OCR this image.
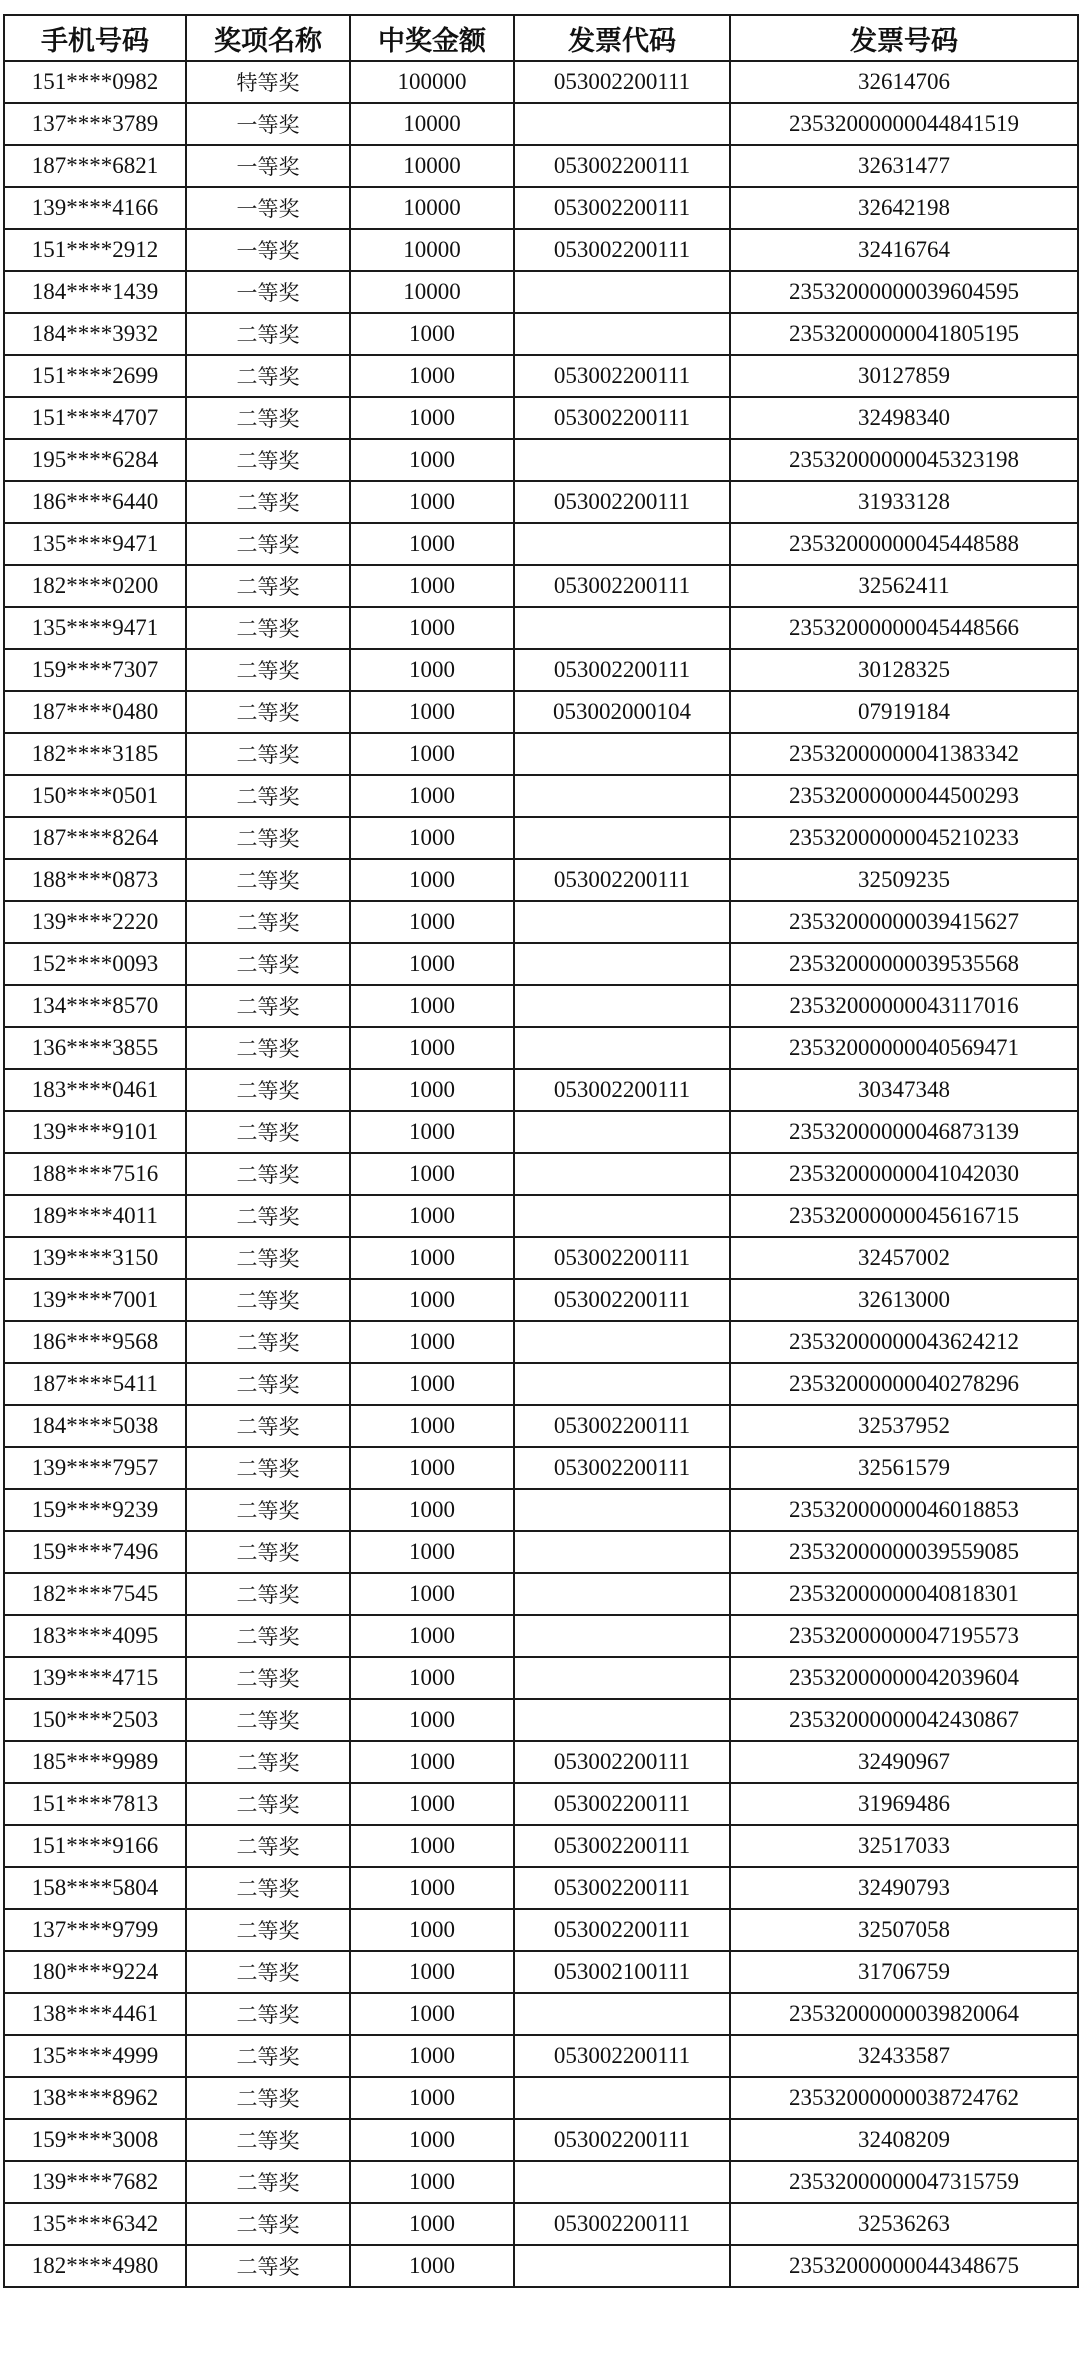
手机号码	奖项名称	中奖金额	发票代码	发票号码
151****0982	特等奖	100000	053002200111	32614706
137****3789	一等奖	10000		23532000000044841519
187****6821	一等奖	10000	053002200111	32631477
139****4166	一等奖	10000	053002200111	32642198
151****2912	一等奖	10000	053002200111	32416764
184****1439	一等奖	10000		23532000000039604595
184****3932	二等奖	1000		23532000000041805195
151****2699	二等奖	1000	053002200111	30127859
151****4707	二等奖	1000	053002200111	32498340
195****6284	二等奖	1000		23532000000045323198
186****6440	二等奖	1000	053002200111	31933128
135****9471	二等奖	1000		23532000000045448588
182****0200	二等奖	1000	053002200111	32562411
135****9471	二等奖	1000		23532000000045448566
159****7307	二等奖	1000	053002200111	30128325
187****0480	二等奖	1000	053002000104	07919184
182****3185	二等奖	1000		23532000000041383342
150****0501	二等奖	1000		23532000000044500293
187****8264	二等奖	1000		23532000000045210233
188****0873	二等奖	1000	053002200111	32509235
139****2220	二等奖	1000		23532000000039415627
152****0093	二等奖	1000		23532000000039535568
134****8570	二等奖	1000		23532000000043117016
136****3855	二等奖	1000		23532000000040569471
183****0461	二等奖	1000	053002200111	30347348
139****9101	二等奖	1000		23532000000046873139
188****7516	二等奖	1000		23532000000041042030
189****4011	二等奖	1000		23532000000045616715
139****3150	二等奖	1000	053002200111	32457002
139****7001	二等奖	1000	053002200111	32613000
186****9568	二等奖	1000		23532000000043624212
187****5411	二等奖	1000		23532000000040278296
184****5038	二等奖	1000	053002200111	32537952
139****7957	二等奖	1000	053002200111	32561579
159****9239	二等奖	1000		23532000000046018853
159****7496	二等奖	1000		23532000000039559085
182****7545	二等奖	1000		23532000000040818301
183****4095	二等奖	1000		23532000000047195573
139****4715	二等奖	1000		23532000000042039604
150****2503	二等奖	1000		23532000000042430867
185****9989	二等奖	1000	053002200111	32490967
151****7813	二等奖	1000	053002200111	31969486
151****9166	二等奖	1000	053002200111	32517033
158****5804	二等奖	1000	053002200111	32490793
137****9799	二等奖	1000	053002200111	32507058
180****9224	二等奖	1000	053002100111	31706759
138****4461	二等奖	1000		23532000000039820064
135****4999	二等奖	1000	053002200111	32433587
138****8962	二等奖	1000		23532000000038724762
159****3008	二等奖	1000	053002200111	32408209
139****7682	二等奖	1000		23532000000047315759
135****6342	二等奖	1000	053002200111	32536263
182****4980	二等奖	1000		23532000000044348675
